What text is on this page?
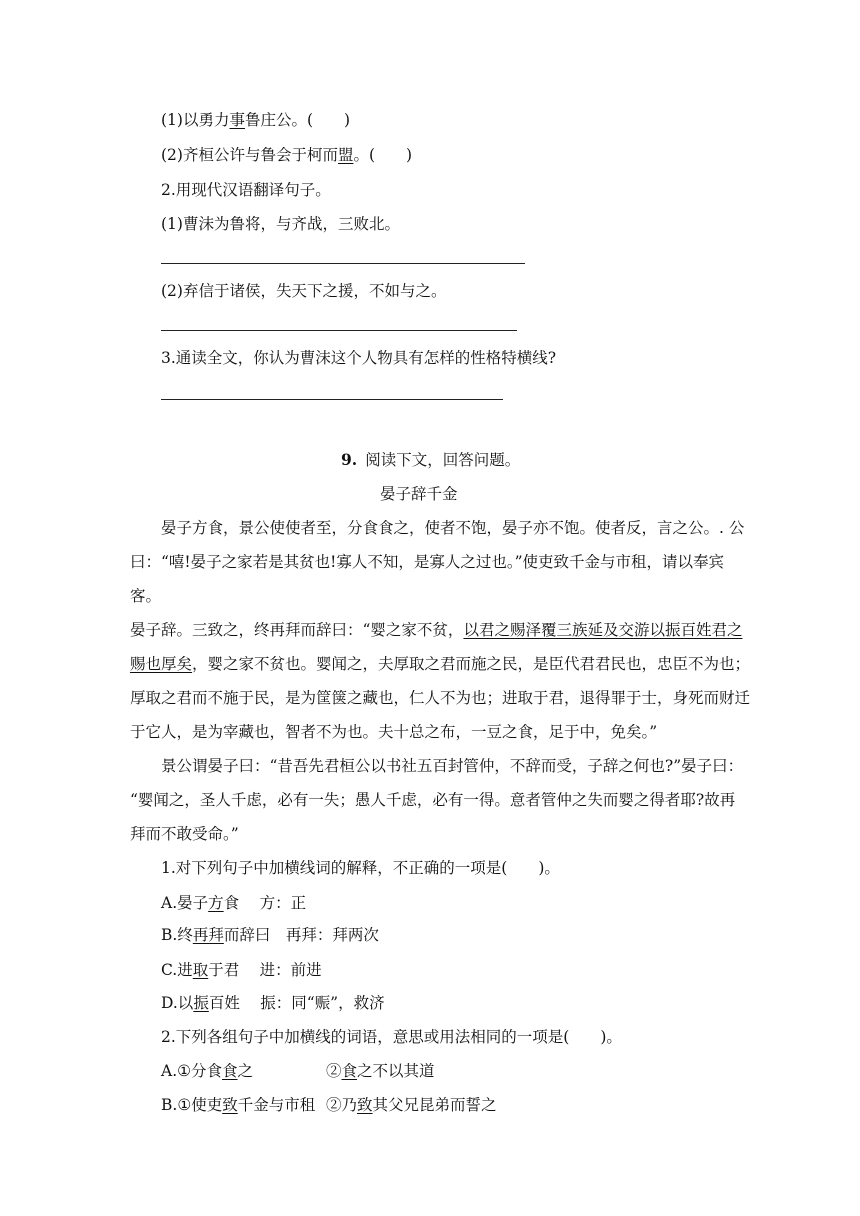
(1)以勇力事鲁庄公。(　　)
(2)齐桓公许与鲁会于柯而盟。(　　)
2.用现代汉语翻译句子。
(1)曹沫为鲁将，与齐战，三败北。
(2)弃信于诸侯，失天下之援，不如与之。
3.通读全文，你认为曹沫这个人物具有怎样的性格特横线?
9. 阅读下文，回答问题。
晏子辞千金
晏子方食，景公使使者至，分食食之，使者不饱，晏子亦不饱。使者反，言之公。. 公
曰：“嘻!晏子之家若是其贫也!寡人不知，是寡人之过也。”使吏致千金与市租，请以奉宾
客。
晏子辞。三致之，终再拜而辞曰：“婴之家不贫，以君之赐泽覆三族延及交游以振百姓君之
赐也厚矣，婴之家不贫也。婴闻之，夫厚取之君而施之民，是臣代君君民也，忠臣不为也；
厚取之君而不施于民，是为筐箧之藏也，仁人不为也；进取于君，退得罪于士，身死而财迁
于它人，是为宰藏也，智者不为也。夫十总之布，一豆之食，足于中，免矣。”
景公谓晏子曰：“昔吾先君桓公以书社五百封管仲，不辞而受，子辞之何也?”晏子曰：
“婴闻之，圣人千虑，必有一失；愚人千虑，必有一得。意者管仲之失而婴之得者耶?故再
拜而不敢受命。”
1.对下列句子中加横线词的解释，不正确的一项是(　　)。
A.晏子方食　 方：正
B.终再拜而辞曰　再拜：拜两次
C.进取于君　 进：前进
D.以振百姓　 振：同“赈”，救济
2.下列各组句子中加横线的词语，意思或用法相同的一项是(　　)。
A.①分食食之	②食之不以其道
B.①使吏致千金与市租 ②乃致其父兄昆弟而誓之
